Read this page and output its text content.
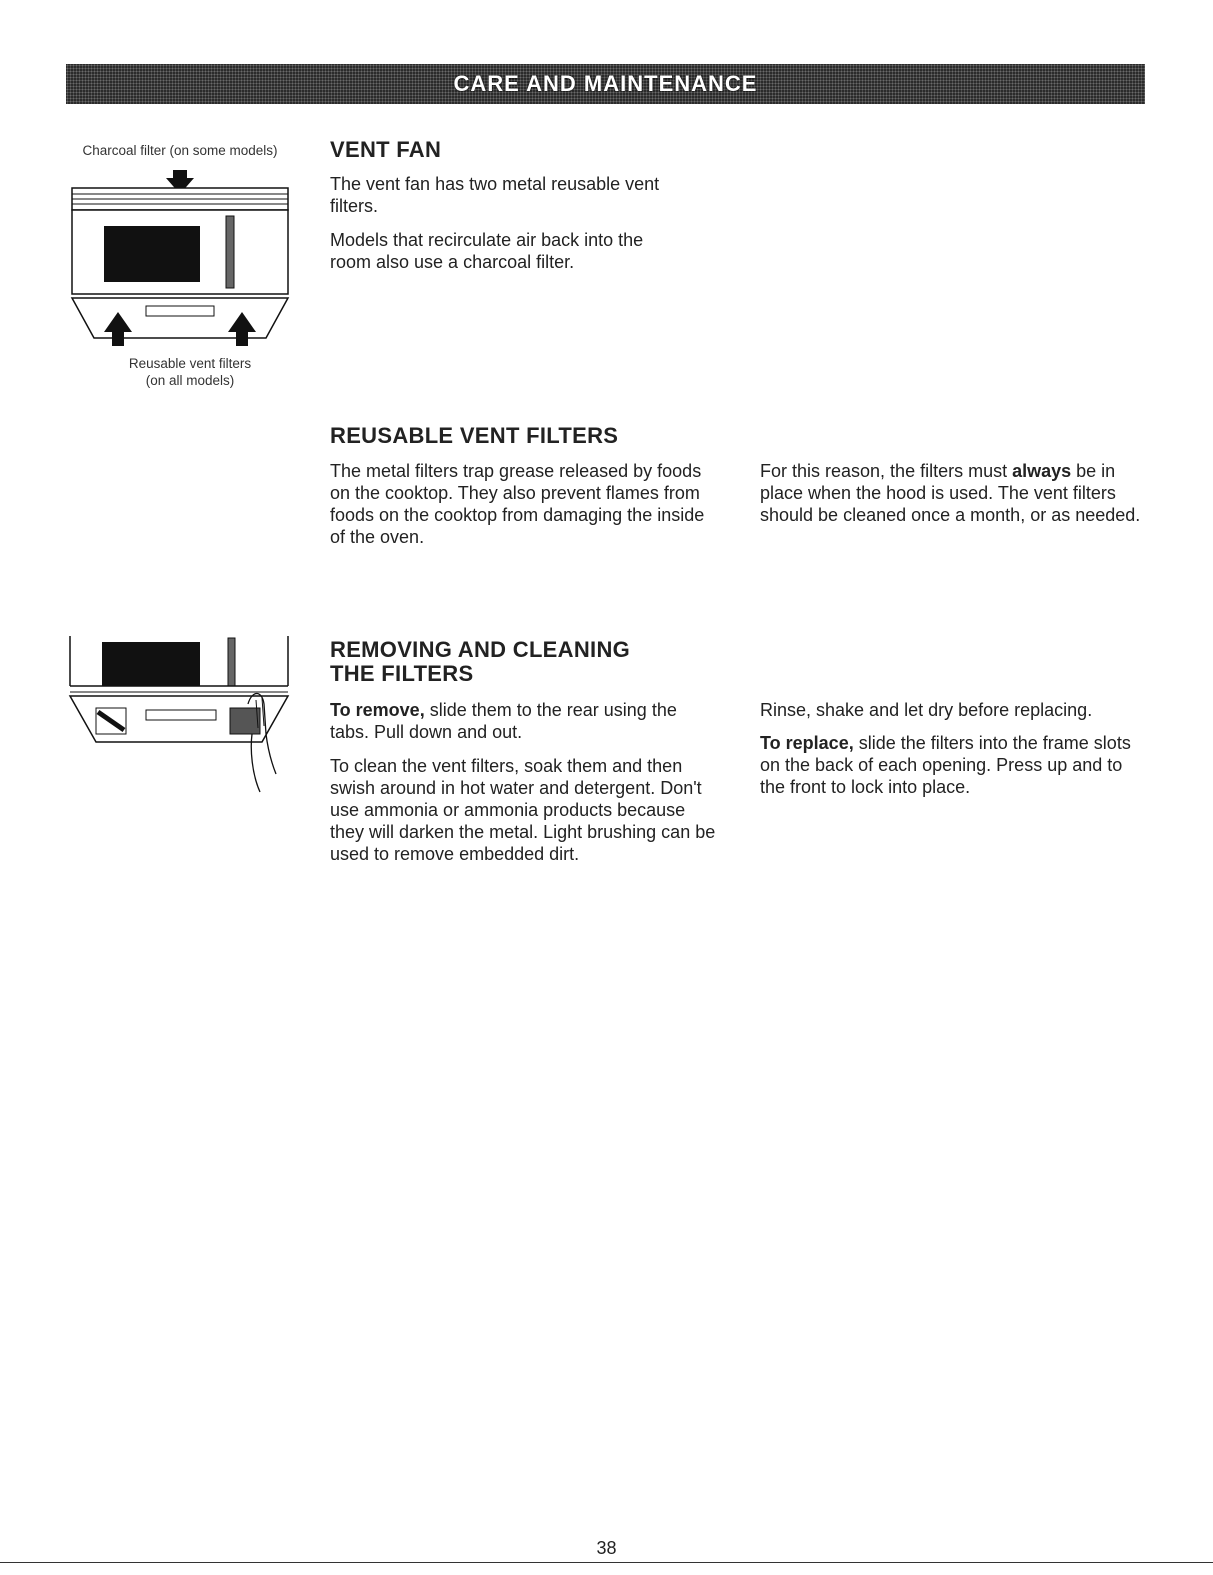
CARE AND MAINTENANCE
Charcoal filter (on some models)
Reusable vent filters
(on all models)
VENT FAN

The vent fan has two metal reusable vent filters.

Models that recirculate air back into the room also use a charcoal filter.

REUSABLE VENT FILTERS

The metal filters trap grease released by foods on the cooktop. They also prevent flames from foods on the cooktop from damaging the inside of the oven.

For this reason, the filters must always be in place when the hood is used. The vent filters should be cleaned once a month, or as needed.

REMOVING AND CLEANING
THE FILTERS

To remove, slide them to the rear using the tabs. Pull down and out.

To clean the vent filters, soak them and then swish around in hot water and detergent. Don't use ammonia or ammonia products because they will darken the metal. Light brushing can be used to remove embedded dirt.

Rinse, shake and let dry before replacing.

To replace, slide the filters into the frame slots on the back of each opening. Press up and to the front to lock into place.

38
